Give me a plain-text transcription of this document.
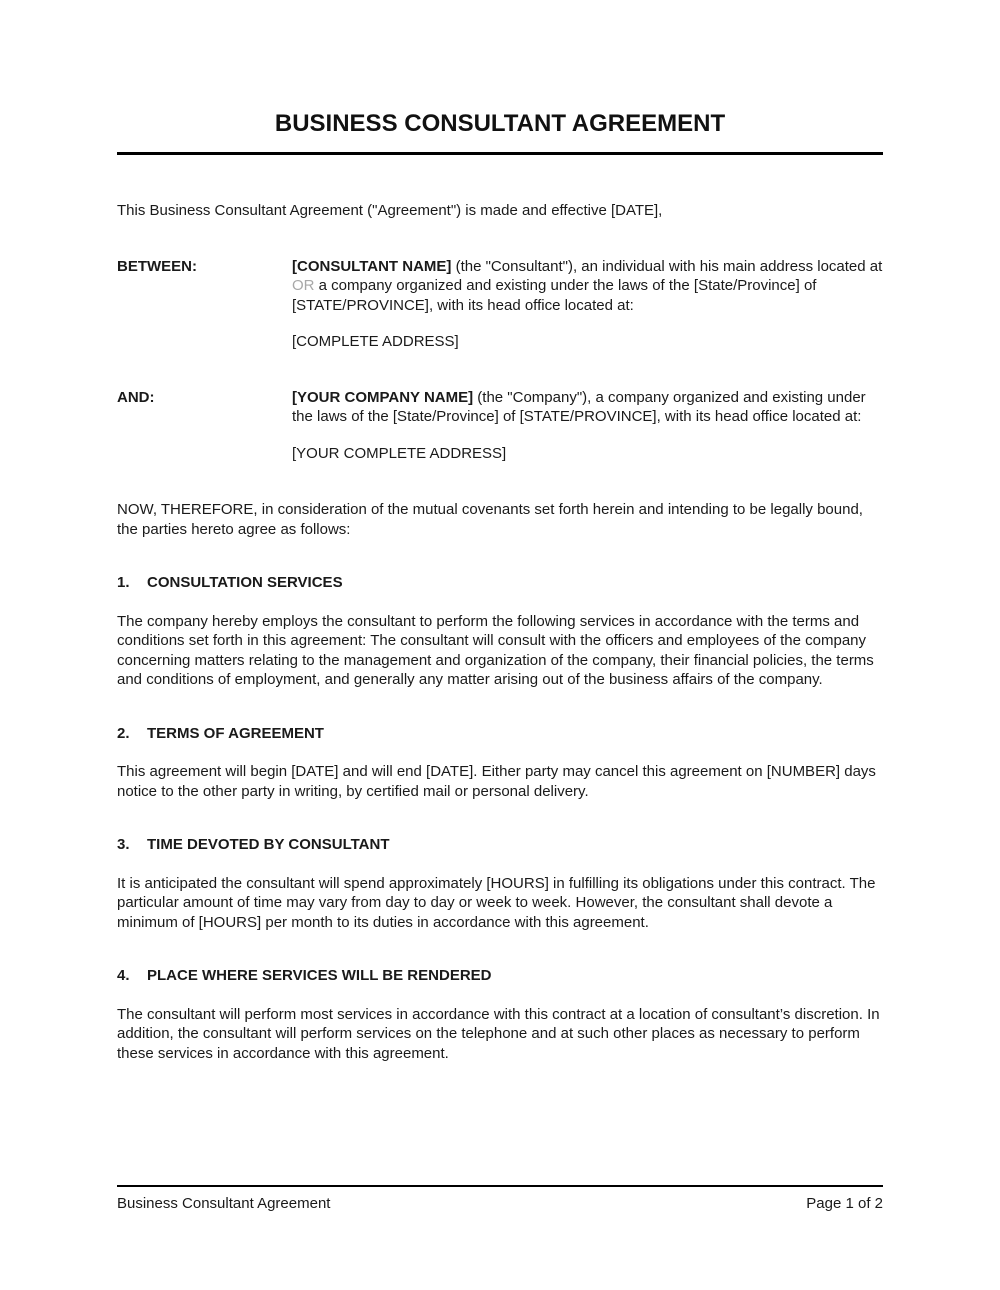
BUSINESS CONSULTANT AGREEMENT

This Business Consultant Agreement ("Agreement") is made and effective [DATE],

BETWEEN:	[CONSULTANT NAME] (the "Consultant"), an individual with his main address located at OR a company organized and existing under the laws of the [State/Province] of [STATE/PROVINCE], with its head office located at:

[COMPLETE ADDRESS]

AND:	[YOUR COMPANY NAME] (the "Company"), a company organized and existing under the laws of the [State/Province] of [STATE/PROVINCE], with its head office located at:

[YOUR COMPLETE ADDRESS]

NOW, THEREFORE, in consideration of the mutual covenants set forth herein and intending to be legally bound, the parties hereto agree as follows:

1. CONSULTATION SERVICES

The company hereby employs the consultant to perform the following services in accordance with the terms and conditions set forth in this agreement: The consultant will consult with the officers and employees of the company concerning matters relating to the management and organization of the company, their financial policies, the terms and conditions of employment, and generally any matter arising out of the business affairs of the company.

2. TERMS OF AGREEMENT

This agreement will begin [DATE] and will end [DATE]. Either party may cancel this agreement on [NUMBER] days notice to the other party in writing, by certified mail or personal delivery.

3. TIME DEVOTED BY CONSULTANT

It is anticipated the consultant will spend approximately [HOURS] in fulfilling its obligations under this contract. The particular amount of time may vary from day to day or week to week. However, the consultant shall devote a minimum of [HOURS] per month to its duties in accordance with this agreement.

4. PLACE WHERE SERVICES WILL BE RENDERED

The consultant will perform most services in accordance with this contract at a location of consultant’s discretion. In addition, the consultant will perform services on the telephone and at such other places as necessary to perform these services in accordance with this agreement.

Business Consultant Agreement	Page 1 of 2
